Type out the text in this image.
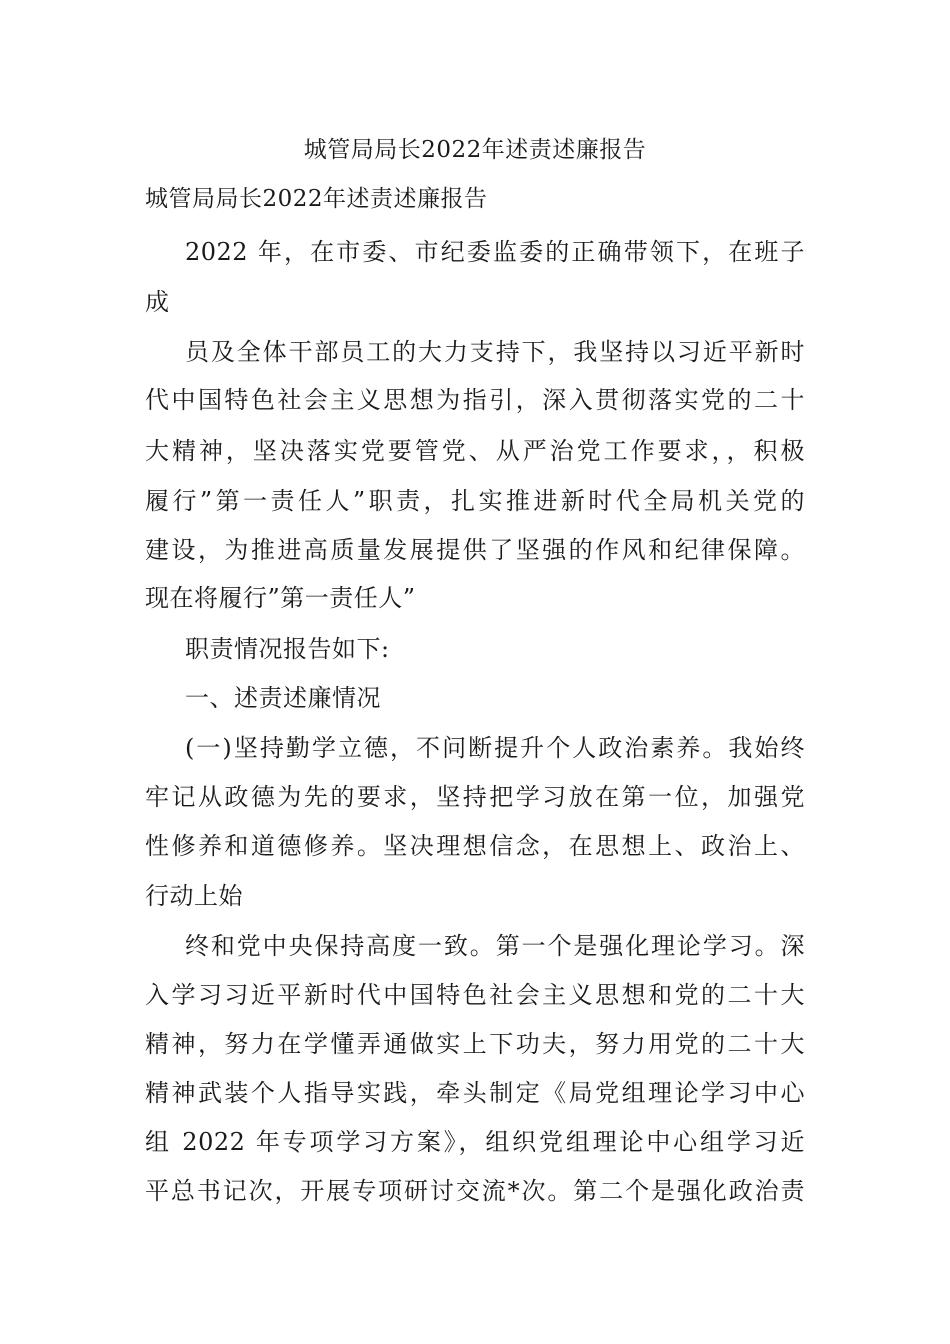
城管局局长2022年述责述廉报告
城管局局长2022年述责述廉报告
2022 年，在市委、市纪委监委的正确带领下，在班子
成
员及全体干部员工的大力支持下，我坚持以习近平新时
代中国特色社会主义思想为指引，深入贯彻落实党的二十
大精神，坚决落实党要管党、从严治党工作要求，，积极
履行”第一责任人”职责，扎实推进新时代全局机关党的
建设，为推进高质量发展提供了坚强的作风和纪律保障。
现在将履行”第一责任人”
职责情况报告如下:
一、述责述廉情况
(一)坚持勤学立德，不问断提升个人政治素养。我始终
牢记从政德为先的要求，坚持把学习放在第一位，加强党
性修养和道德修养。坚决理想信念，在思想上、政治上、
行动上始
终和党中央保持高度一致。第一个是强化理论学习。深
入学习习近平新时代中国特色社会主义思想和党的二十大
精神，努力在学懂弄通做实上下功夫，努力用党的二十大
精神武装个人指导实践，牵头制定《局党组理论学习中心
组 2022 年专项学习方案》，组织党组理论中心组学习近
平总书记次，开展专项研讨交流*次。第二个是强化政治责
